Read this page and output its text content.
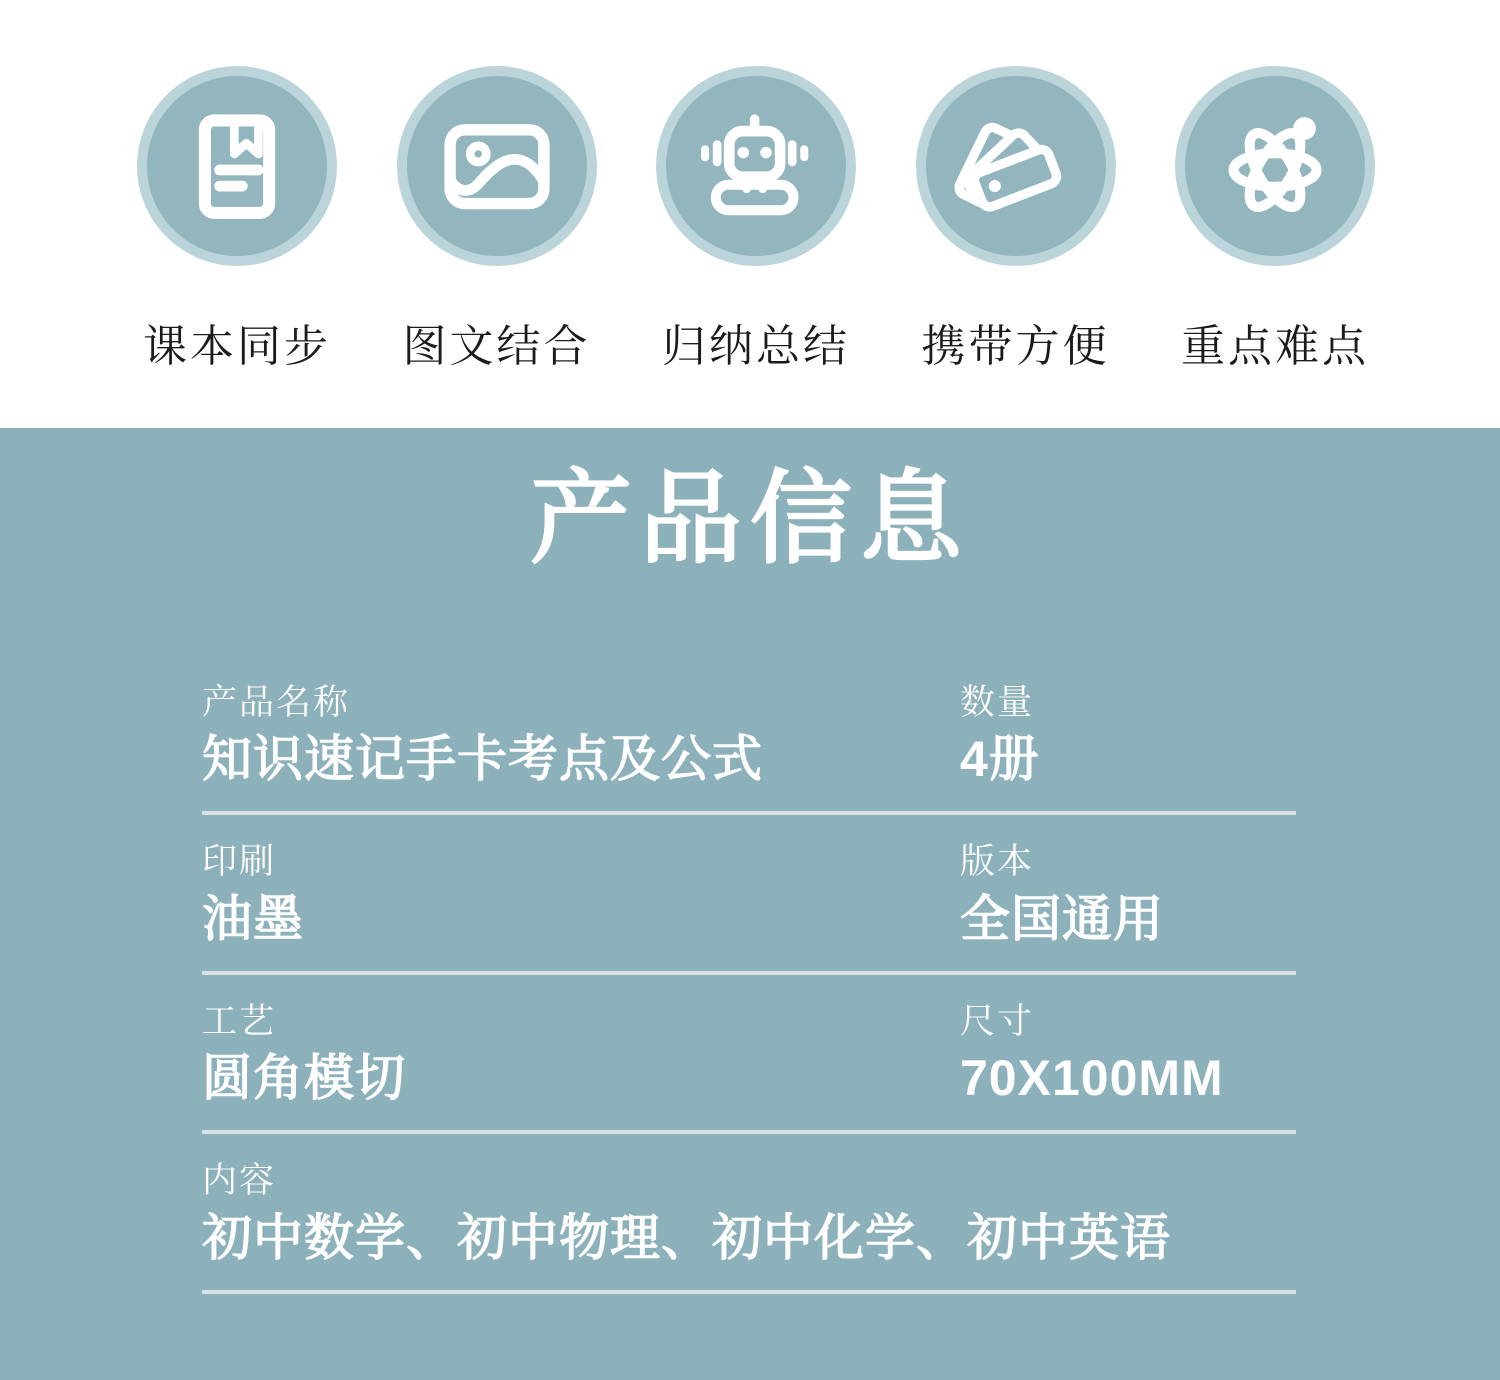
课本同步 图文结合 归纳总结 携带方便 重点难点
产品信息
产品名称
知识速记手卡考点及公式
数量
4册
印刷
油墨
版本
全国通用
工艺
圆角模切
尺寸
70X100MM
内容
初中数学、初中物理、初中化学、初中英语
